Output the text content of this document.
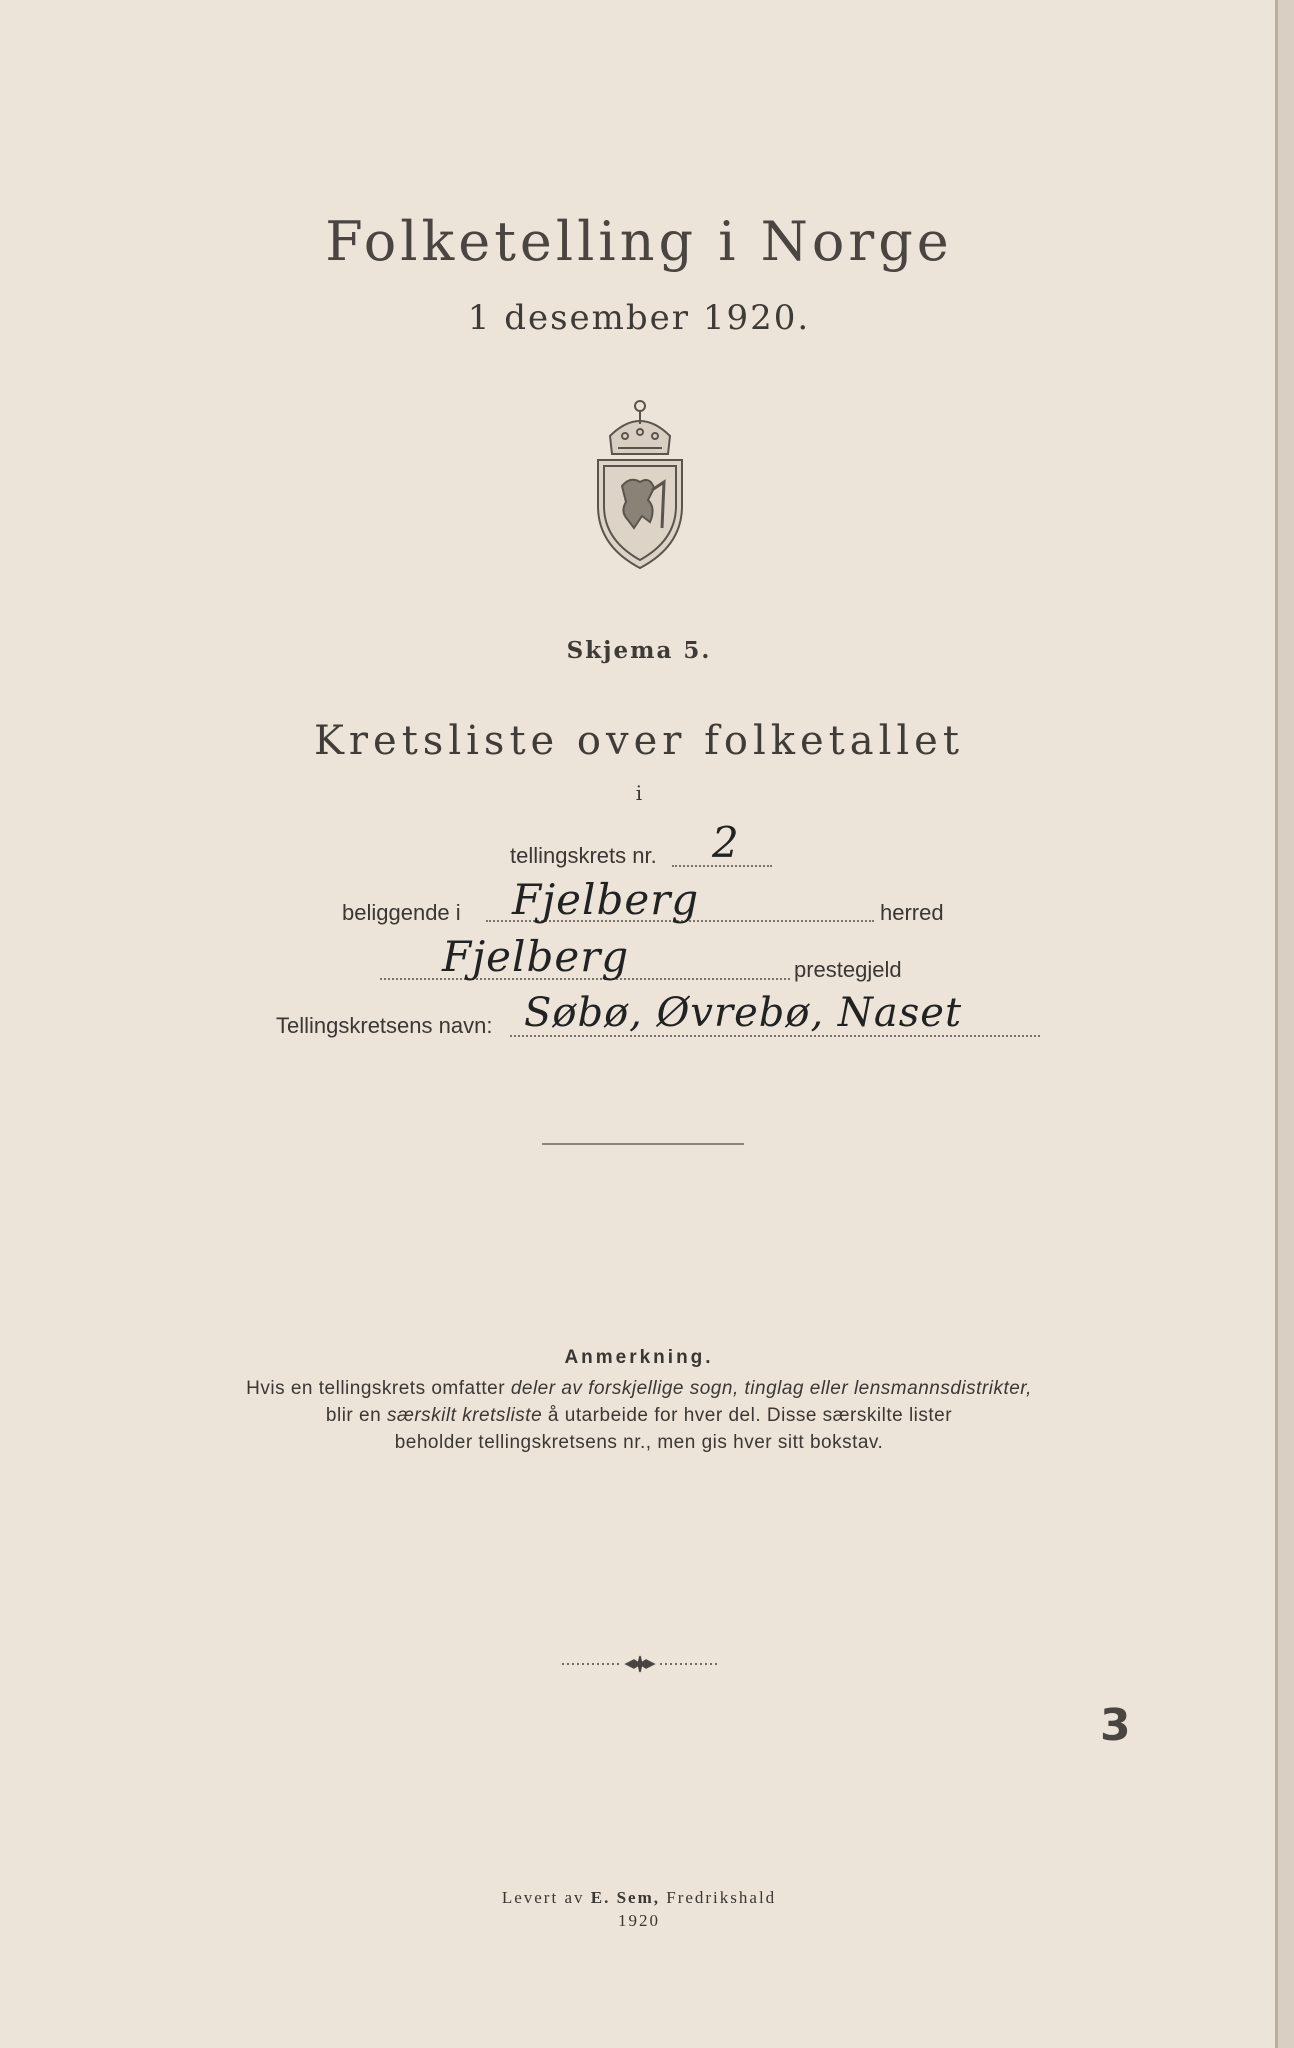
Folketelling i Norge
1 desember 1920.
Skjema 5.
Kretsliste over folketallet
i
tellingskrets nr. 2
beliggende i Fjelberg	herred
Fjelberg	prestegjeld
Tellingskretsens navn: Søbø, Øvrebø, Naset
Anmerkning.
Hvis en tellingskrets omfatter deler av forskjellige sogn, tinglag eller lensmannsdistrikter,
blir en særskilt kretsliste å utarbeide for hver del. Disse særskilte lister
beholder tellingskretsens nr., men gis hver sitt bokstav.
Levert av E. Sem, Fredrikshald
1920
3
